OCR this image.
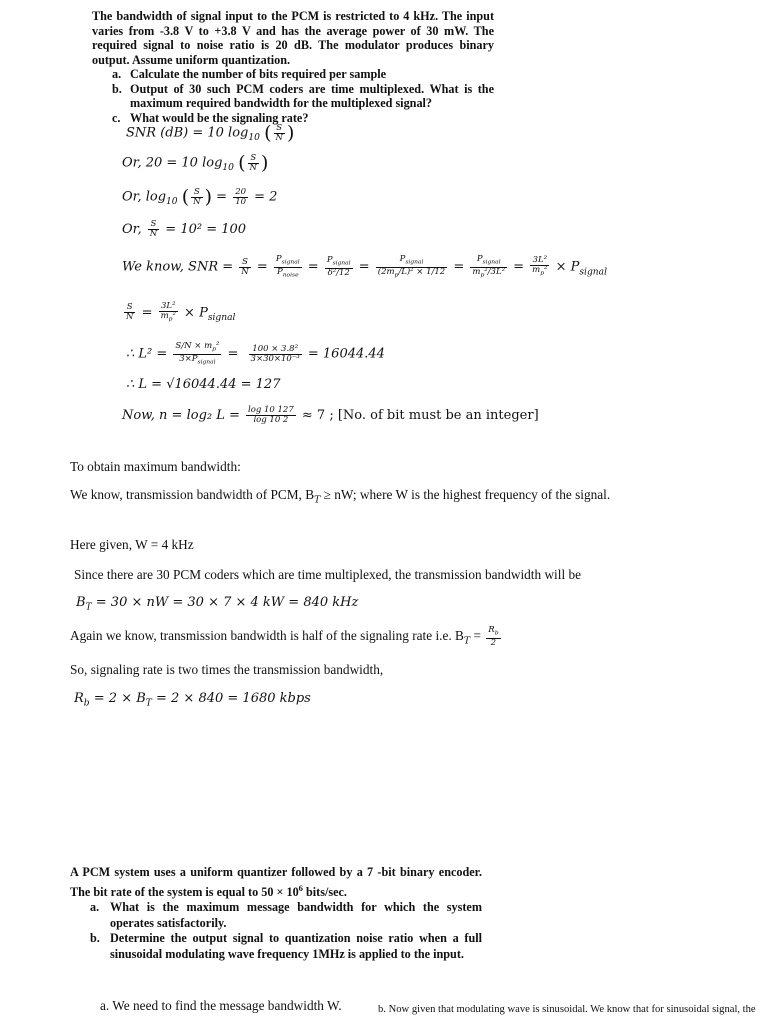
The bandwidth of signal input to the PCM is restricted to 4 kHz. The input varies from -3.8 V to +3.8 V and has the average power of 30 mW. The required signal to noise ratio is 20 dB. The modulator produces binary output. Assume uniform quantization.
a. Calculate the number of bits required per sample
b. Output of 30 such PCM coders are time multiplexed. What is the maximum required bandwidth for the multiplexed signal?
c. What would be the signaling rate?
SNR (dB) = 10 $\log_{10}$ ( $\frac{S}{N}$ )
Or, 20 = 10 $\log_{10}$ ( $\frac{S}{N}$ )
Or, $\log_{10}$ ( $\frac{S}{N}$ ) = $\frac{20}{10} = 2$
Or, $\frac{S}{N} = 10^2 = 100$
We know, SNR = $\frac{S}{N} = \frac{P_{signal}}{P_{noise}} = \frac{P_{signal}}{\text{δ²/12}} = \frac{P_{signal}}{(2m_p/L)^2 \times 1/12} = \frac{P_{signal}}{m_p^2/3L^2} = \frac{\text{3L²}}{m_p^2} \times P_{signal}$
$\frac{S}{N} = \frac{\text{3L²}}{m_p^2} \times P_{signal}$
∴ $L^2 = \frac{S/N \times m_p^2}{3\times P_{signal}} = \frac{\text{100 × 3.8²}}{\text{3×30×10⁻³}} = 16044.44$
∴ L = √16044.44 = 127
Now, n = log₂ $L = \frac{\log 10 127}{\log 10 2} \approx 7$ ; [No. of bit must be an integer]
To obtain maximum bandwidth:
We know, transmission bandwidth of PCM, $B_T$ ≥ nW; where W is the highest frequency of the signal.
Here given, W = 4 kHz
Since there are 30 PCM coders which are time multiplexed, the transmission bandwidth will be
$B_T = 30$ × nW = 30 × 7 × 4 kW = 840 kHz
Again we know, transmission bandwidth is half of the signaling rate i.e. $B_T = \frac{R_b}{2}$
So, signaling rate is two times the transmission bandwidth,
$R_b = 2 \times B_T = 2 \times 840 = 1680$ kbps
A PCM system uses a uniform quantizer followed by a 7 -bit binary encoder. The bit rate of the system is equal to $50 \times 10^6$ bits/sec.
a. What is the maximum message bandwidth for which the system operates satisfactorily.
b. Determine the output signal to quantization noise ratio when a full sinusoidal modulating wave frequency 1MHz is applied to the input.
a. We need to find the message bandwidth W.	b. Now given that modulating wave is sinusoidal. We know that for sinusoidal signal, the
